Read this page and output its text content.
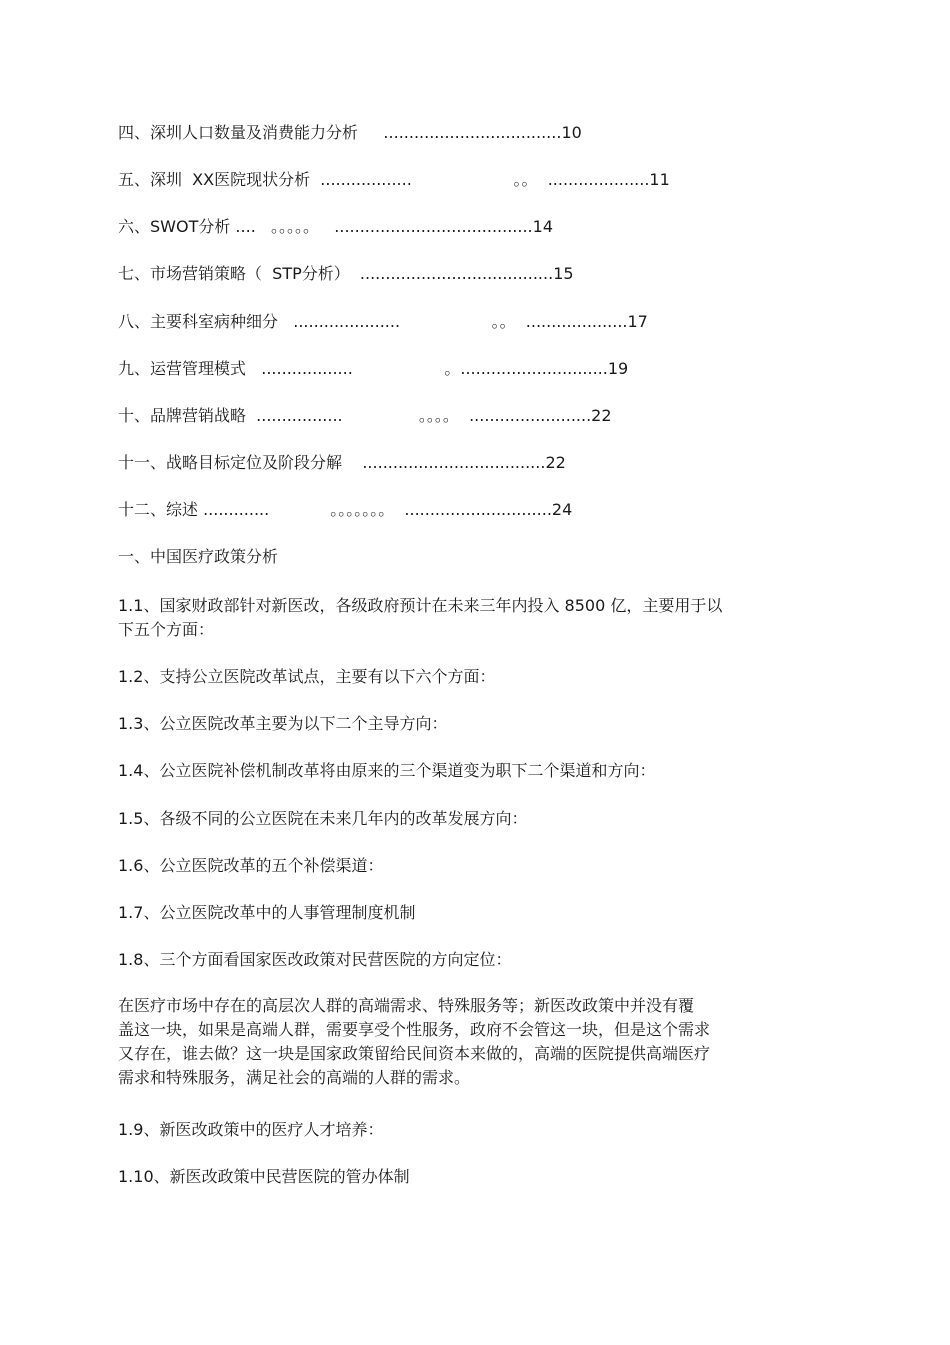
四、深圳人口数量及消费能力分析     ...................................10
五、深圳  XX医院现状分析  ..................                    。。  ....................11
六、SWOT分析 ....   。。。。。   .......................................14
七、市场营销策略（  STP分析）  ......................................15
八、主要科室病种细分   .....................                  。。  ....................17
九、运营管理模式   ..................                  。.............................19
十、品牌营销战略  .................               。。。。  ........................22
十一、战略目标定位及阶段分解    ....................................22
十二、综述 .............            。。。。。。。  .............................24
一、中国医疗政策分析
1.1、国家财政部针对新医改，各级政府预计在未来三年内投入 8500 亿，主要用于以
下五个方面：
1.2、支持公立医院改革试点，主要有以下六个方面：
1.3、公立医院改革主要为以下二个主导方向：
1.4、公立医院补偿机制改革将由原来的三个渠道变为职下二个渠道和方向：
1.5、各级不同的公立医院在未来几年内的改革发展方向：
1.6、公立医院改革的五个补偿渠道：
1.7、公立医院改革中的人事管理制度机制
1.8、三个方面看国家医改政策对民营医院的方向定位：
在医疗市场中存在的高层次人群的高端需求、特殊服务等；新医改政策中并没有覆
盖这一块，如果是高端人群，需要享受个性服务，政府不会管这一块，但是这个需求
又存在，谁去做？这一块是国家政策留给民间资本来做的，高端的医院提供高端医疗
需求和特殊服务，满足社会的高端的人群的需求。
1.9、新医改政策中的医疗人才培养：
1.10、新医改政策中民营医院的管办体制
